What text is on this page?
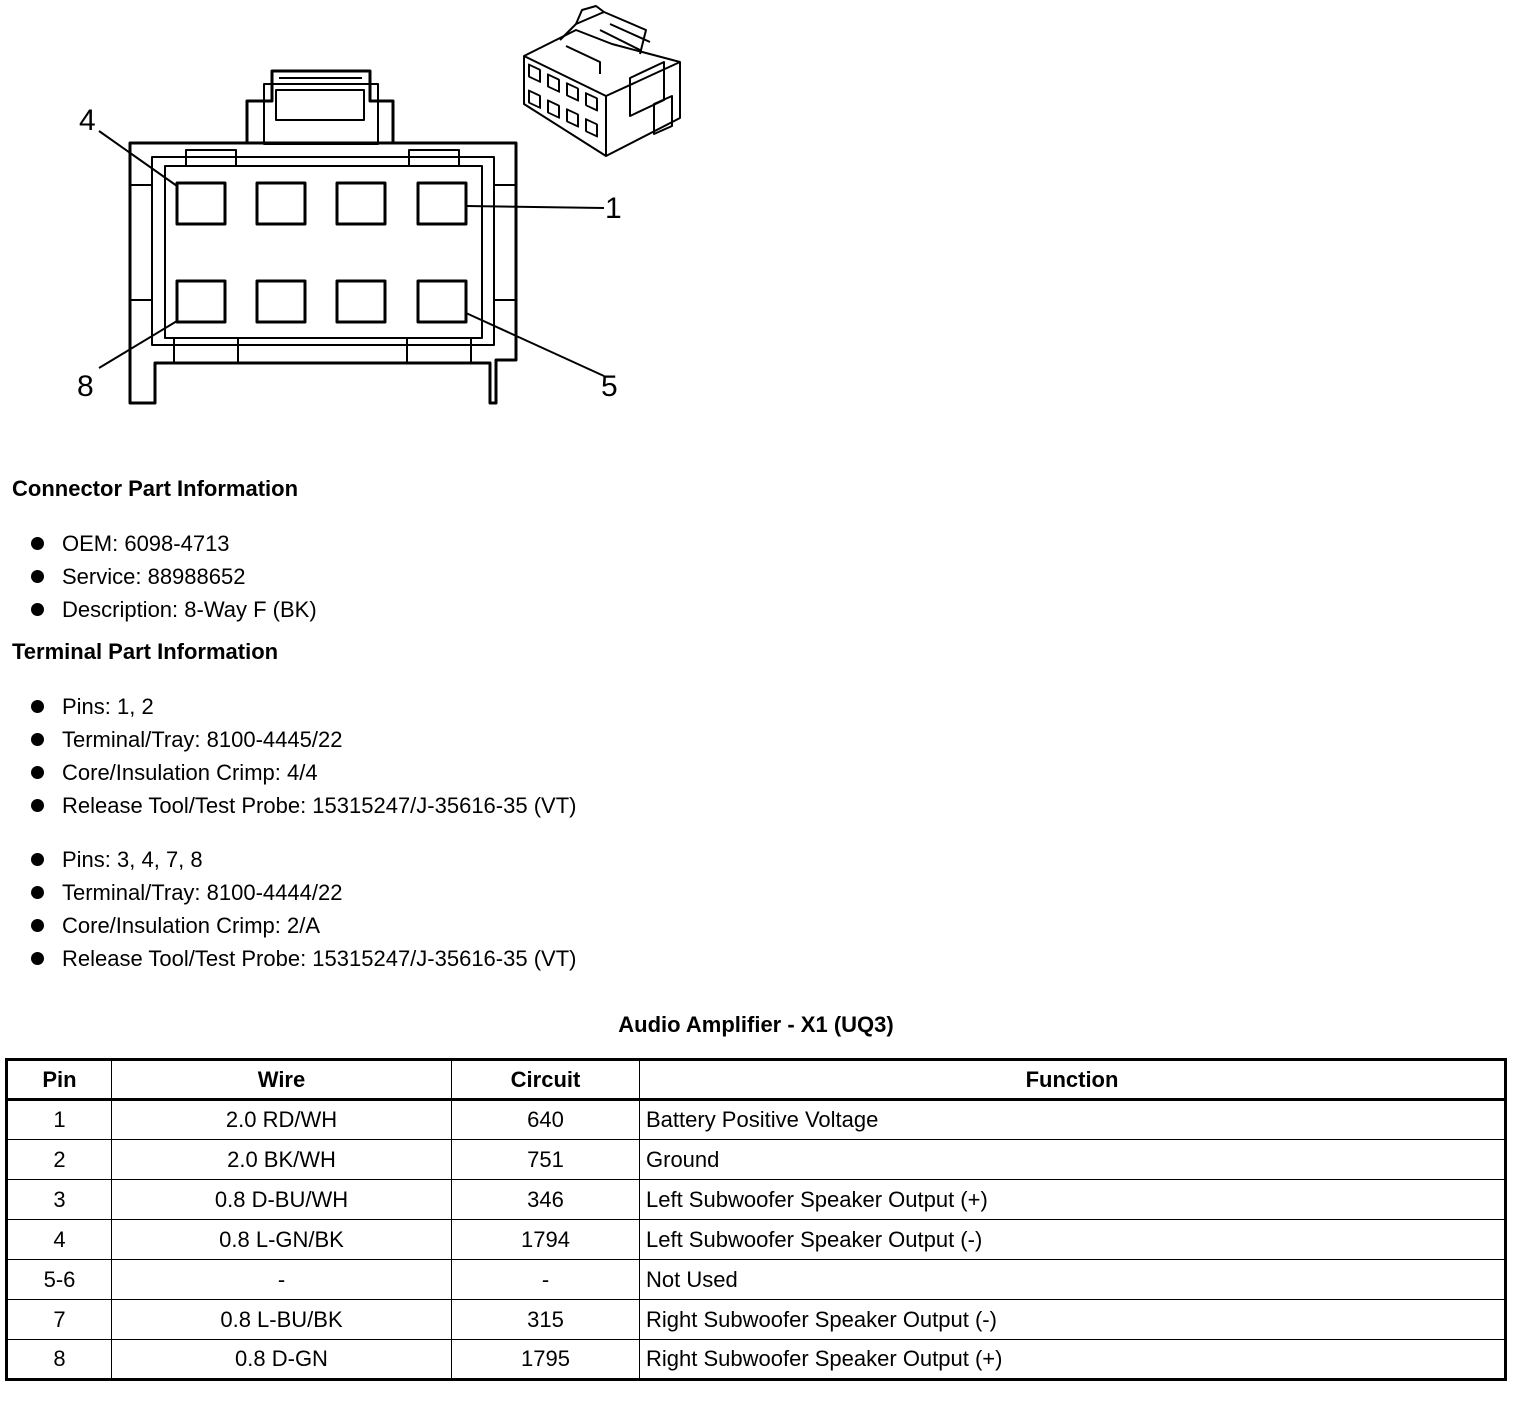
4
1
8	5
Connector Part Information
OEM: 6098-4713
Service: 88988652
Description: 8-Way F (BK)
Terminal Part Information
Pins: 1, 2
Terminal/Tray: 8100-4445/22
Core/Insulation Crimp: 4/4
Release Tool/Test Probe: 15315247/J-35616-35 (VT)
Pins: 3, 4, 7, 8
Terminal/Tray: 8100-4444/22
Core/Insulation Crimp: 2/A
Release Tool/Test Probe: 15315247/J-35616-35 (VT)
Audio Amplifier - X1 (UQ3)
Pin	Wire	Circuit	Function
1	2.0 RD/WH	640	Battery Positive Voltage
2	2.0 BK/WH	751	Ground
3	0.8 D-BU/WH	346	Left Subwoofer Speaker Output (+)
4	0.8 L-GN/BK	1794	Left Subwoofer Speaker Output (-)
5-6	-	-	Not Used
7	0.8 L-BU/BK	315	Right Subwoofer Speaker Output (-)
8	0.8 D-GN	1795	Right Subwoofer Speaker Output (+)
